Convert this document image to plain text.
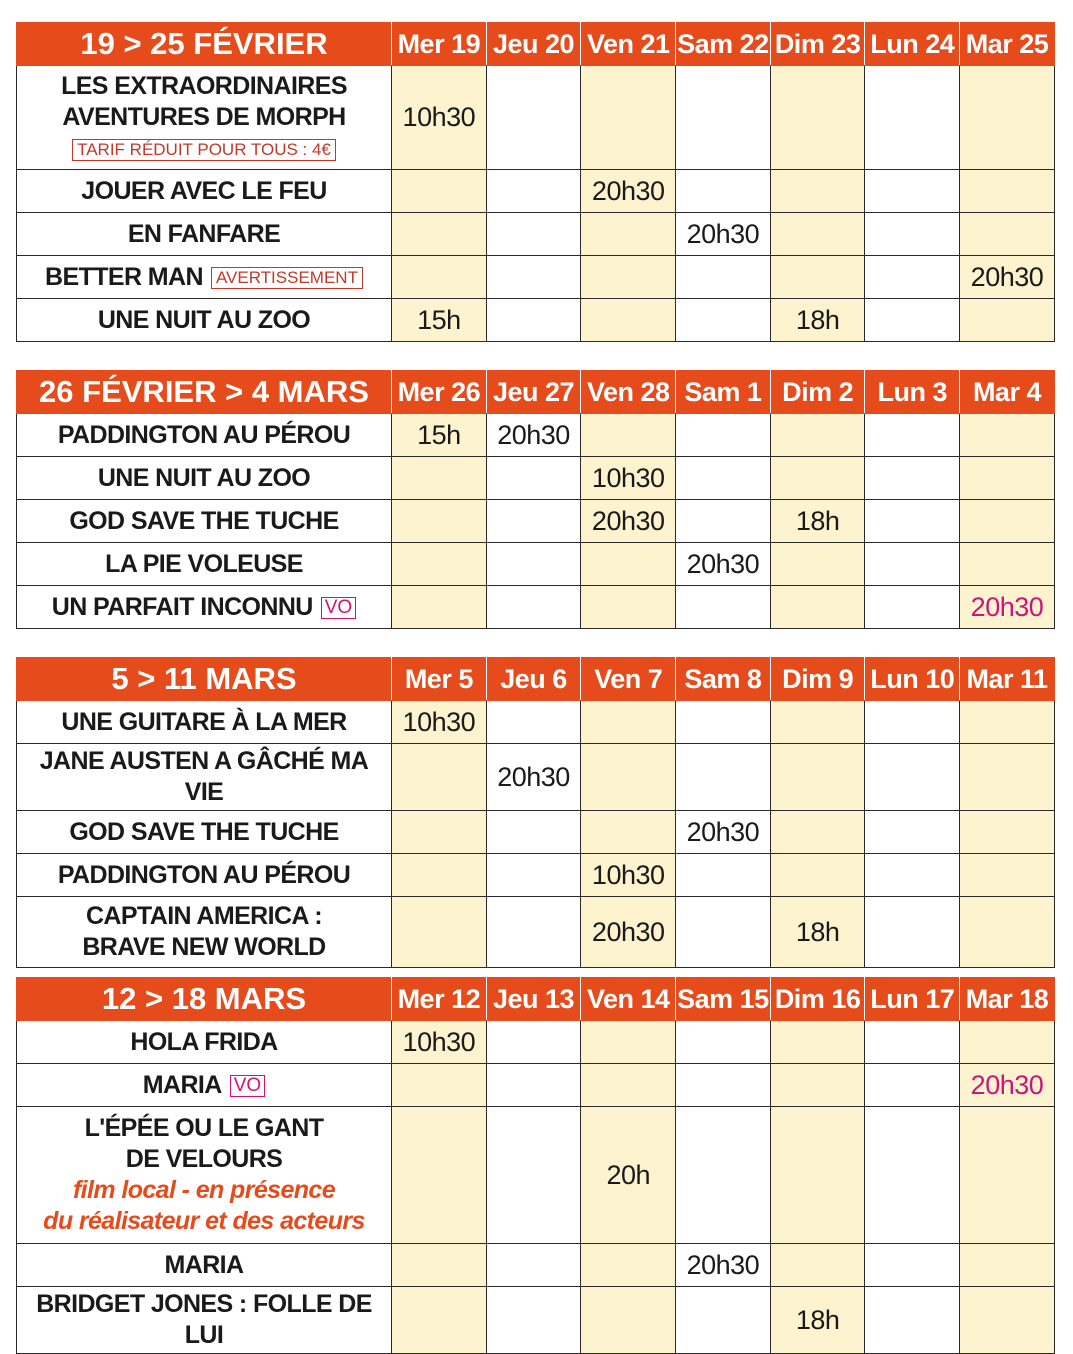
19 > 25 FÉVRIER	Mer 19	Jeu 20	Ven 21	Sam 22	Dim 23	Lun 24	Mar 25
LES EXTRAORDINAIRES
AVENTURES DE MORPH
TARIF RÉDUIT POUR TOUS : 4€	10h30						
JOUER AVEC LE FEU			20h30				
EN FANFARE				20h30			
BETTER MAN AVERTISSEMENT							20h30
UNE NUIT AU ZOO	15h				18h		
26 FÉVRIER > 4 MARS	Mer 26	Jeu 27	Ven 28	Sam 1	Dim 2	Lun 3	Mar 4
PADDINGTON AU PÉROU	15h	20h30					
UNE NUIT AU ZOO			10h30				
GOD SAVE THE TUCHE			20h30		18h		
LA PIE VOLEUSE				20h30			
UN PARFAIT INCONNU VO							20h30
5 > 11 MARS	Mer 5	Jeu 6	Ven 7	Sam 8	Dim 9	Lun 10	Mar 11
UNE GUITARE À LA MER	10h30						
JANE AUSTEN A GÂCHÉ MA VIE		20h30					
GOD SAVE THE TUCHE				20h30			
PADDINGTON AU PÉROU			10h30				
CAPTAIN AMERICA :
BRAVE NEW WORLD			20h30		18h		
12 > 18 MARS	Mer 12	Jeu 13	Ven 14	Sam 15	Dim 16	Lun 17	Mar 18
HOLA FRIDA	10h30						
MARIA VO							20h30
L'ÉPÉE OU LE GANT
DE VELOURS
film local - en présence
du réalisateur et des acteurs			20h				
MARIA				20h30			
BRIDGET JONES : FOLLE DE LUI					18h		
